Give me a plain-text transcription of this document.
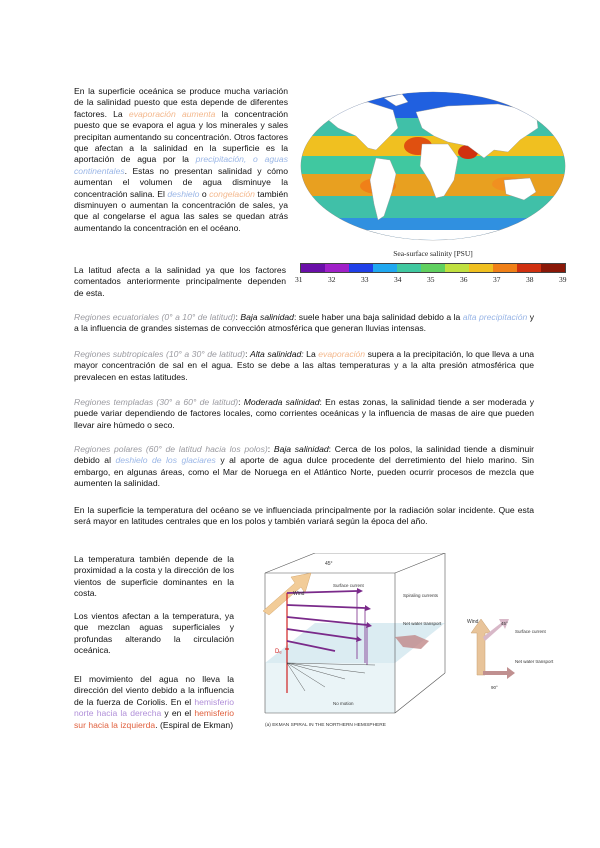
En la superficie oceánica se produce mucha variación de la salinidad puesto que esta depende de diferentes factores. La evaporación aumenta la concentración puesto que se evapora el agua y los minerales y sales precipitan aumentando su concentración. Otros factores que afectan a la salinidad en la superficie es la aportación de agua por la precipitación, o aguas continentales. Estas no presentan salinidad y cómo aumentan el volumen de agua disminuye la concentración salina. El deshielo o congelación también disminuyen o aumentan la concentración de sales, ya que al congelarse el agua las sales se quedan atrás aumentando la concentración en el océano.

Sea-surface salinity [PSU]
31	32	33	34	35	36	37	38	39

La latitud afecta a la salinidad ya que los factores comentados anteriormente principalmente dependen de esta.

Regiones ecuatoriales (0° a 10° de latitud): Baja salinidad: suele haber una baja salinidad debido a la alta precipitación y a la influencia de grandes sistemas de convección atmosférica que generan lluvias intensas.

Regiones subtropicales (10° a 30° de latitud): Alta salinidad: La evaporación supera a la precipitación, lo que lleva a una mayor concentración de sal en el agua. Esto se debe a las altas temperaturas y a la alta presión atmosférica que prevalecen en estas latitudes.

Regiones templadas (30° a 60° de latitud): Moderada salinidad: En estas zonas, la salinidad tiende a ser moderada y puede variar dependiendo de factores locales, como corrientes oceánicas y la influencia de masas de aire que pueden llevar aire húmedo o seco.

Regiones polares (60° de latitud hacia los polos): Baja salinidad: Cerca de los polos, la salinidad tiende a disminuir debido al deshielo de los glaciares y al aporte de agua dulce procedente del derretimiento del hielo marino. Sin embargo, en algunas áreas, como el Mar de Noruega en el Atlántico Norte, pueden ocurrir procesos de mezcla que aumenten la salinidad.

En la superficie la temperatura del océano se ve influenciada principalmente por la radiación solar incidente. Que esta será mayor en latitudes centrales que en los polos y también variará según la época del año.

La temperatura también depende de la proximidad a la costa y la dirección de los vientos de superficie dominantes en la costa.

Los vientos afectan a la temperatura, ya que mezclan aguas superficiales y profundas alterando la circulación oceánica.

El movimiento del agua no lleva la dirección del viento debido a la influencia de la fuerza de Coriolis. En el hemisferio norte hacia la derecha y en el hemisferio sur hacia la izquierda. (Espiral de Ekman)

Wind
45°
Surface current
Spiraling currents
Net water transport
Dₑ
No motion
(a) EKMAN SPIRAL IN THE NORTHERN HEMISPHERE
Wind	45°
Surface current
Net water transport
90°
